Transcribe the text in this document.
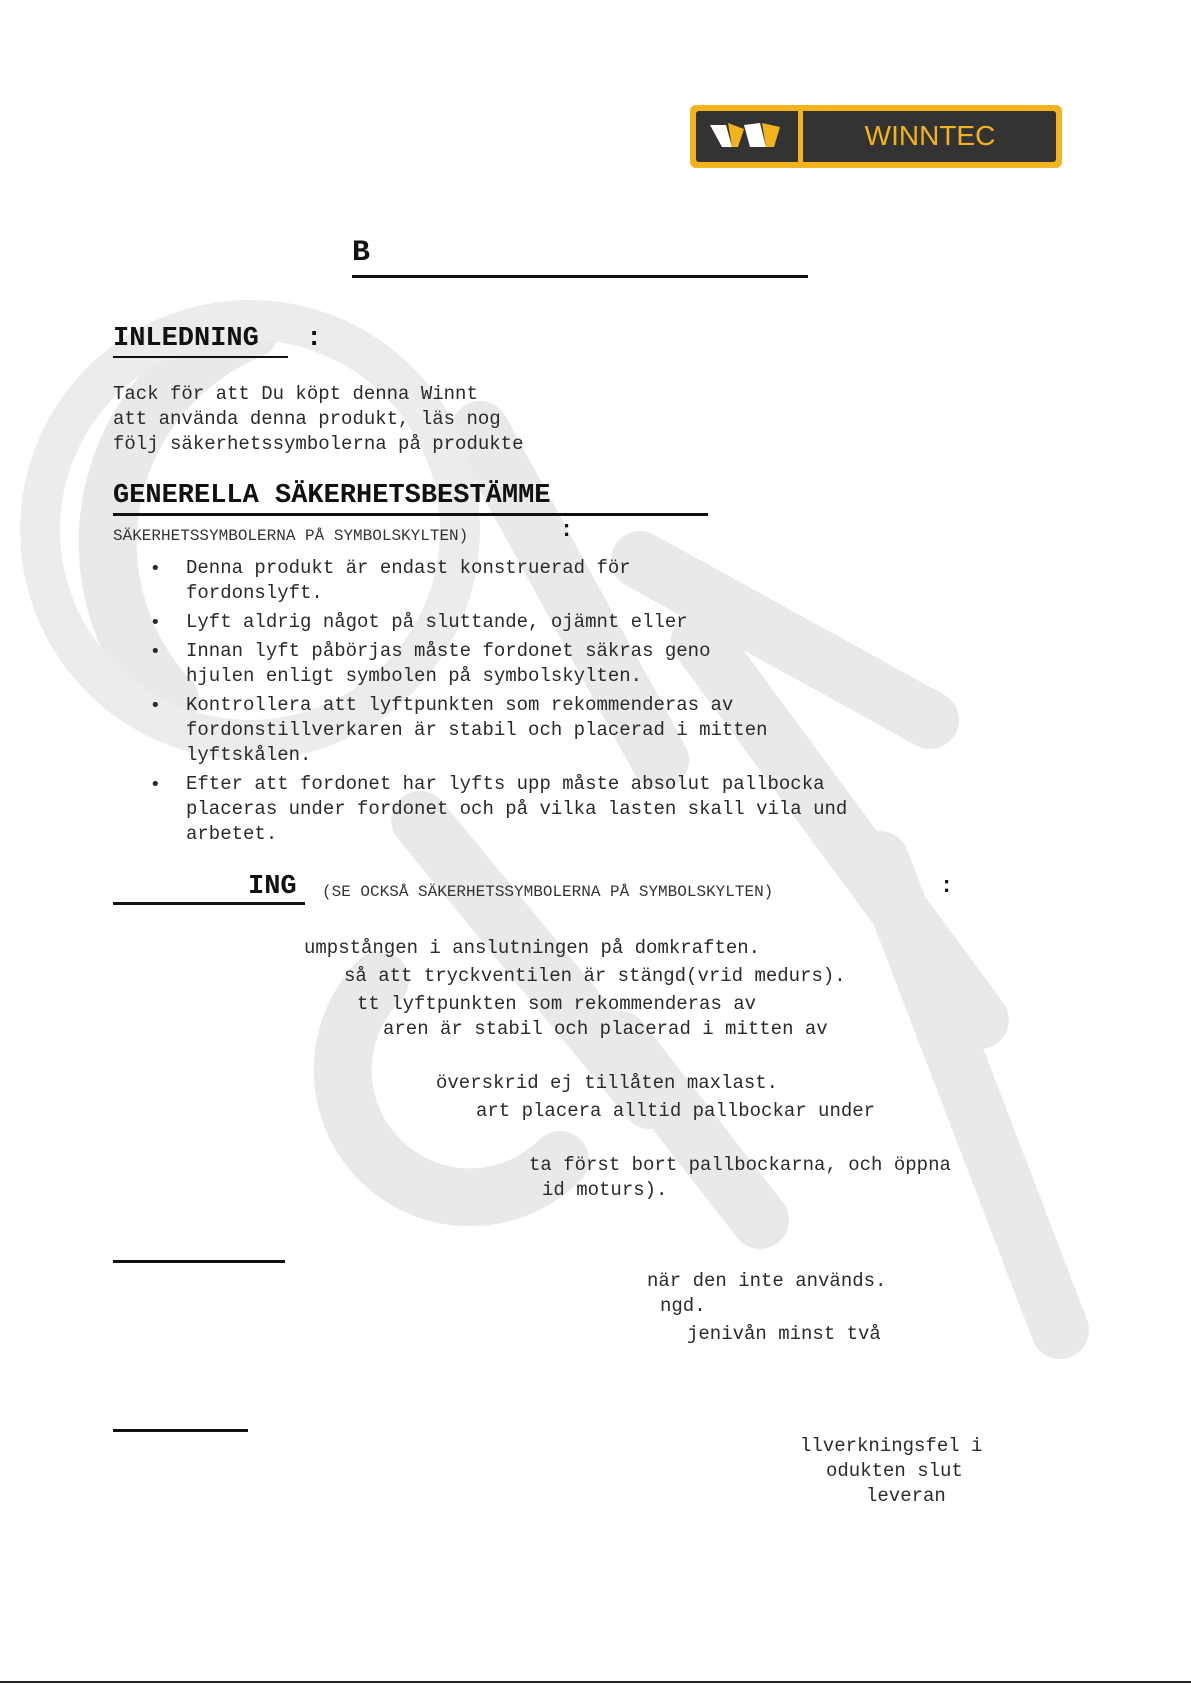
WINNTEC
B
INLEDNING :
Tack för att Du köpt denna Winnt
att använda denna produkt, läs nog
följ säkerhetssymbolerna på produkte
GENERELLA SÄKERHETSBESTÄMME
SÄKERHETSSYMBOLERNA PÅ SYMBOLSKYLTEN)	:
• Denna produkt är endast konstruerad för
fordonslyft.
• Lyft aldrig något på sluttande, ojämnt eller
• Innan lyft påbörjas måste fordonet säkras geno
hjulen enligt symbolen på symbolskylten.
• Kontrollera att lyftpunkten som rekommenderas av
fordonstillverkaren är stabil och placerad i mitten
lyftskålen.
• Efter att fordonet har lyfts upp måste absolut pallbocka
placeras under fordonet och på vilka lasten skall vila und
arbetet.
ING (SE OCKSÅ SÄKERHETSSYMBOLERNA PÅ SYMBOLSKYLTEN)	:
umpstången i anslutningen på domkraften.
så att tryckventilen är stängd(vrid medurs).
tt lyftpunkten som rekommenderas av
aren är stabil och placerad i mitten av
överskrid ej tillåten maxlast.
art placera alltid pallbockar under
ta först bort pallbockarna, och öppna
id moturs).
när den inte används.
ngd.
jenivån minst två
llverkningsfel i
odukten slut
leveran
